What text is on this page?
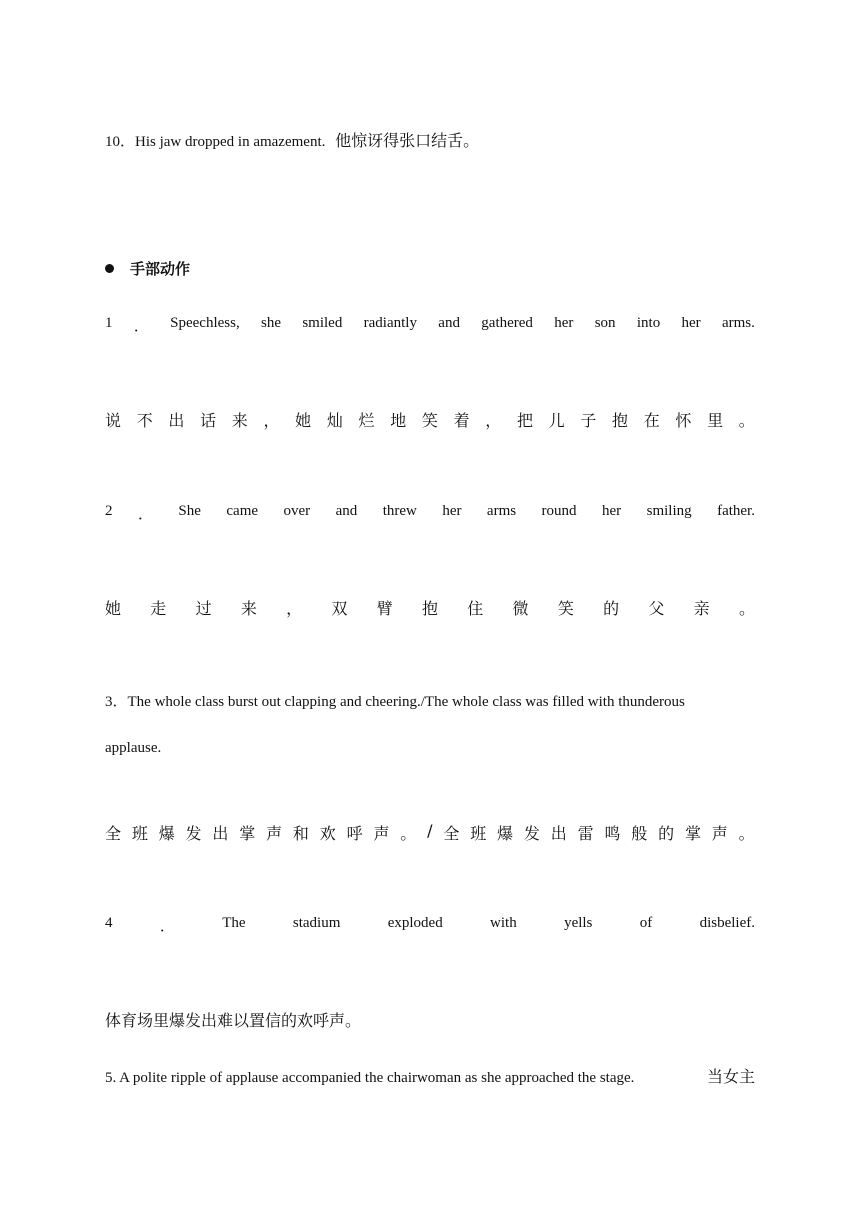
10．His jaw dropped in amazement. 他惊讶得张口结舌。
手部动作
1 ． Speechless, she smiled radiantly and gathered her son into her arms.
说 不 出 话 来 ， 她 灿 烂 地 笑 着 ， 把 儿 子 抱 在 怀 里 。
2 ． She came over and threw her arms round her smiling father.
她 走 过 来 ， 双 臂 抱 住 微 笑 的 父 亲 。
3．The whole class burst out clapping and cheering./The whole class was filled with thunderous
applause.
全 班 爆 发 出 掌 声 和 欢 呼 声 。 / 全 班 爆 发 出 雷 鸣 般 的 掌 声 。
4	．	The	stadium	exploded	with	yells	of	disbelief.
体育场里爆发出难以置信的欢呼声。
5. A polite ripple of applause accompanied the chairwoman as she approached the stage.	当女主
